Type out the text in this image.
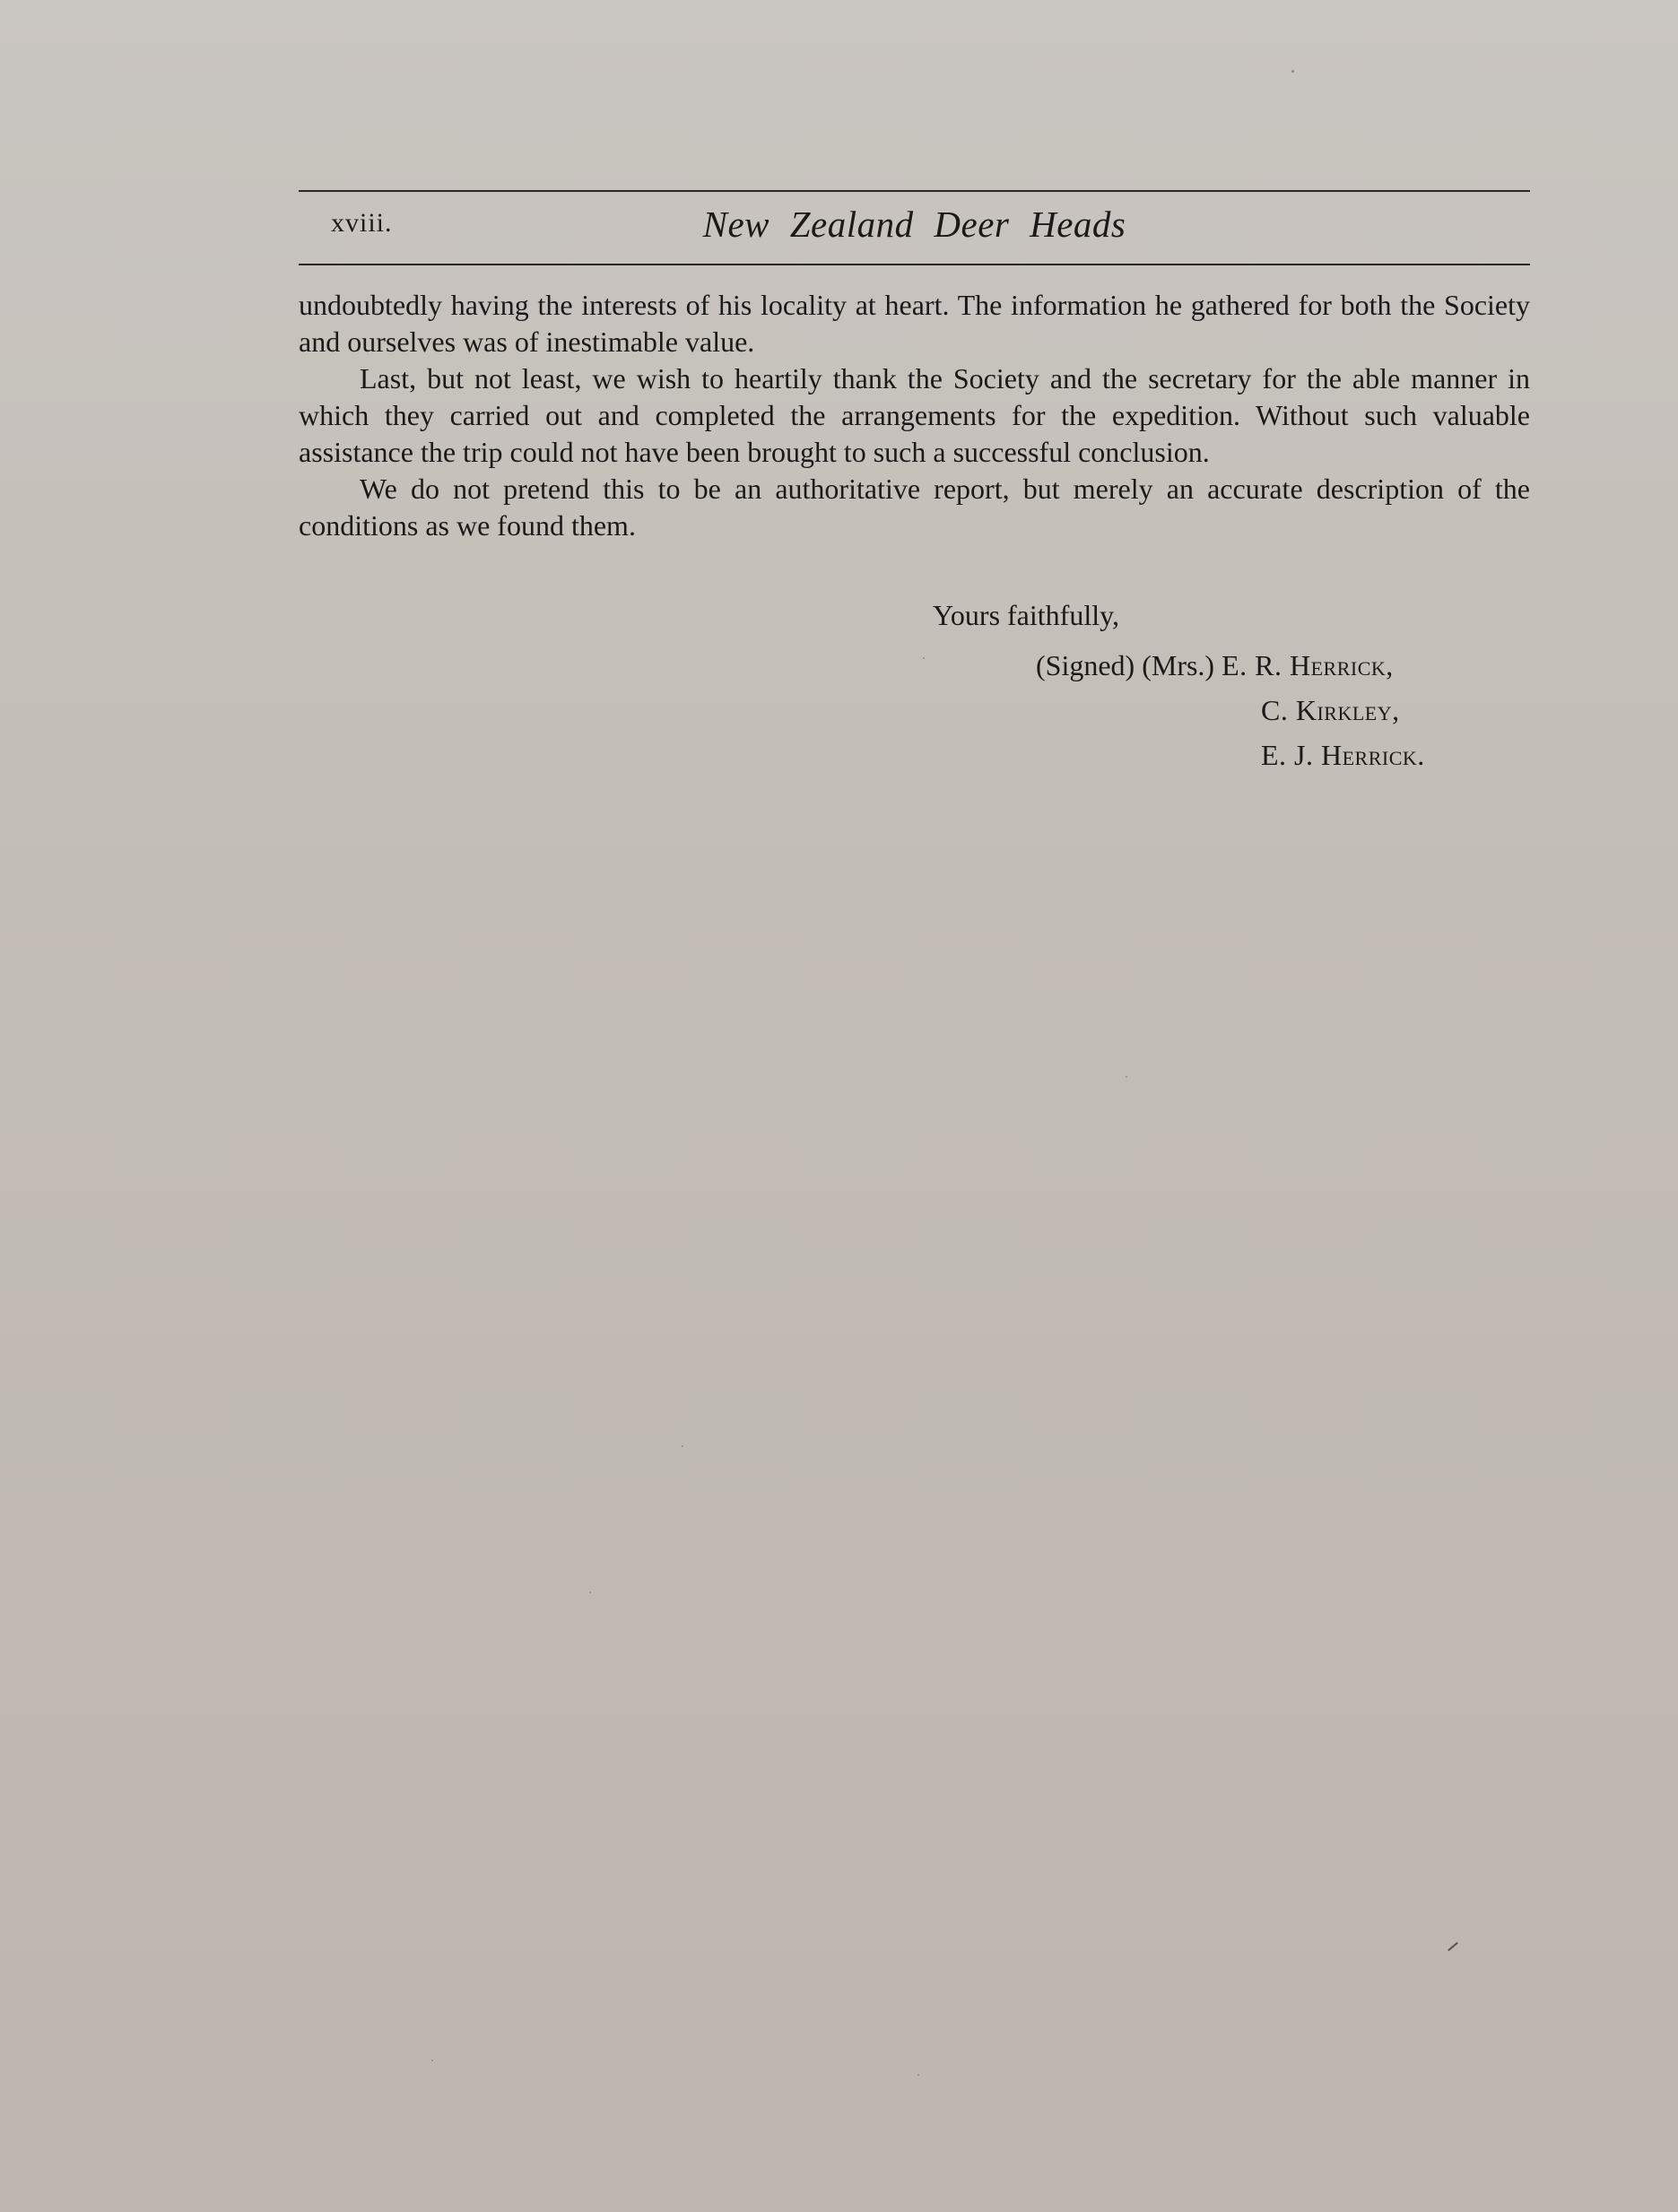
xviii.	New Zealand Deer Heads

undoubtedly having the interests of his locality at heart. The information he gathered for both the Society and ourselves was of inestimable value.

Last, but not least, we wish to heartily thank the Society and the secretary for the able manner in which they carried out and completed the arrangements for the expedition. Without such valuable assistance the trip could not have been brought to such a successful conclusion.

We do not pretend this to be an authoritative report, but merely an accurate description of the conditions as we found them.

Yours faithfully,
(Signed) (Mrs.) E. R. Herrick,
C. Kirkley,
E. J. Herrick.
